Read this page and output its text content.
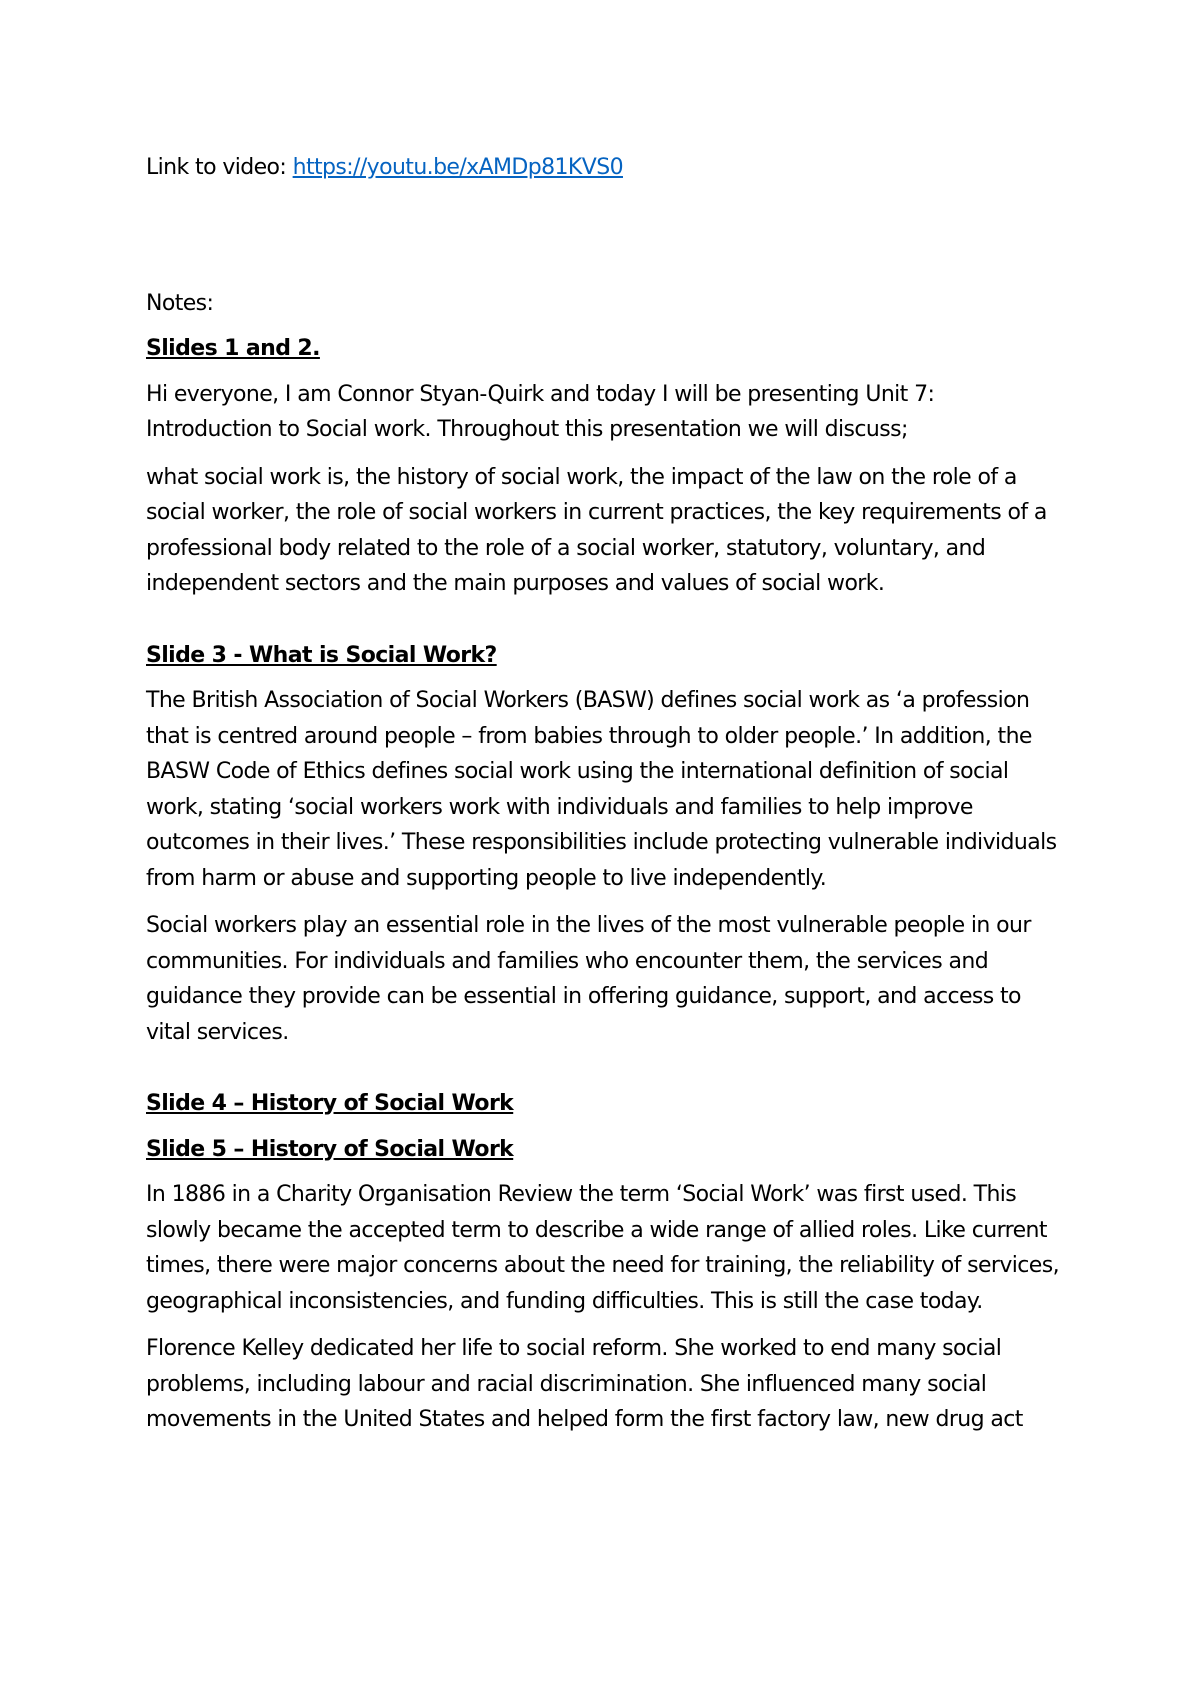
Link to video: https://youtu.be/xAMDp81KVS0

Notes:

Slides 1 and 2.

Hi everyone, I am Connor Styan-Quirk and today I will be presenting Unit 7: Introduction to Social work. Throughout this presentation we will discuss;

what social work is, the history of social work, the impact of the law on the role of a social worker, the role of social workers in current practices, the key requirements of a professional body related to the role of a social worker, statutory, voluntary, and independent sectors and the main purposes and values of social work.

Slide 3 - What is Social Work?

The British Association of Social Workers (BASW) defines social work as ‘a profession that is centred around people – from babies through to older people.’ In addition, the BASW Code of Ethics defines social work using the international definition of social work, stating ‘social workers work with individuals and families to help improve outcomes in their lives.’ These responsibilities include protecting vulnerable individuals from harm or abuse and supporting people to live independently.

Social workers play an essential role in the lives of the most vulnerable people in our communities. For individuals and families who encounter them, the services and guidance they provide can be essential in offering guidance, support, and access to vital services.

Slide 4 – History of Social Work

Slide 5 – History of Social Work

In 1886 in a Charity Organisation Review the term ‘Social Work’ was first used. This slowly became the accepted term to describe a wide range of allied roles. Like current times, there were major concerns about the need for training, the reliability of services, geographical inconsistencies, and funding difficulties. This is still the case today.

Florence Kelley dedicated her life to social reform. She worked to end many social problems, including labour and racial discrimination. She influenced many social movements in the United States and helped form the first factory law, new drug act
